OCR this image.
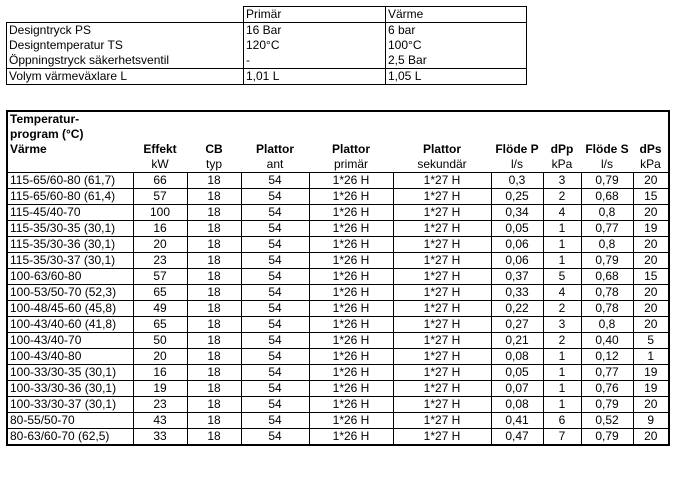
	Primär	Värme
Designtryck PS	16 Bar	6 bar
Designtemperatur TS	120°C	100°C
Öppningstryck säkerhetsventil	-	2,5 Bar
Volym värmeväxlare L	1,01 L	1,05 L
Temperatur-									
program (°C)									
Värme	Effekt	CB	Plattor	Plattor	Plattor	Flöde P	dPp	Flöde S	dPs
	kW	typ	ant	primär	sekundär	l/s	kPa	l/s	kPa
115-65/60-80 (61,7)	66	18	54	1*26 H	1*27 H	0,3	3	0,79	20
115-65/60-80 (61,4)	57	18	54	1*26 H	1*27 H	0,25	2	0,68	15
115-45/40-70	100	18	54	1*26 H	1*27 H	0,34	4	0,8	20
115-35/30-35 (30,1)	16	18	54	1*26 H	1*27 H	0,05	1	0,77	19
115-35/30-36 (30,1)	20	18	54	1*26 H	1*27 H	0,06	1	0,8	20
115-35/30-37 (30,1)	23	18	54	1*26 H	1*27 H	0,06	1	0,79	20
100-63/60-80	57	18	54	1*26 H	1*27 H	0,37	5	0,68	15
100-53/50-70 (52,3)	65	18	54	1*26 H	1*27 H	0,33	4	0,78	20
100-48/45-60 (45,8)	49	18	54	1*26 H	1*27 H	0,22	2	0,78	20
100-43/40-60 (41,8)	65	18	54	1*26 H	1*27 H	0,27	3	0,8	20
100-43/40-70	50	18	54	1*26 H	1*27 H	0,21	2	0,40	5
100-43/40-80	20	18	54	1*26 H	1*27 H	0,08	1	0,12	1
100-33/30-35 (30,1)	16	18	54	1*26 H	1*27 H	0,05	1	0,77	19
100-33/30-36 (30,1)	19	18	54	1*26 H	1*27 H	0,07	1	0,76	19
100-33/30-37 (30,1)	23	18	54	1*26 H	1*27 H	0,08	1	0,79	20
80-55/50-70	43	18	54	1*26 H	1*27 H	0,41	6	0,52	9
80-63/60-70 (62,5)	33	18	54	1*26 H	1*27 H	0,47	7	0,79	20
